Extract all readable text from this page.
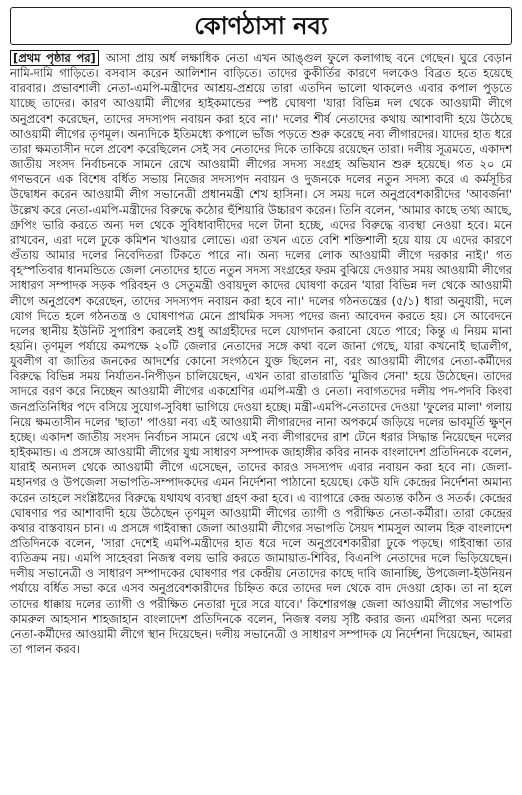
কোণঠাসা নব্য

[প্রথম পৃষ্ঠার পর] আসা প্রায় অর্ধ লক্ষাধিক নেতা এখন আঙ্গুল ফুলে কলাগাছ বনে গেছেন। ঘুরে বেড়ান নামি-দামি গাড়িতে। বসবাস করেন আলিশান বাড়িতে। তাদের কুকীর্তির কারণে দলকেও বিব্রত হতে হয়েছে বারবার। প্রভাবশালী নেতা-এমপি-মন্ত্রীদের আশ্রয়-প্রশ্রয়ে তারা এতদিন ভালো থাকলেও এবার কপাল পুড়তে যাচ্ছে তাদের। কারণ আওয়ামী লীগের হাইকমান্ডের স্পষ্ট ঘোষণা 'যারা বিভিন্ন দল থেকে আওয়ামী লীগে অনুপ্রবেশ করেছেন, তাদের সদস্যপদ নবায়ন করা হবে না।' দলের শীর্ষ নেতাদের কথায় আশাবাদী হয়ে উঠেছে আওয়ামী লীগের তৃণমূল। অন্যদিকে ইতিমধ্যে কপালে ভাঁজ পড়তে শুরু করেছে নব্য লীগারদের। যাদের হাত ধরে তারা ক্ষমতাসীন দলে প্রবেশ করেছিলেন সেই সব নেতাদের দিকে তাকিয়ে রয়েছেন তারা। দলীয় সূত্রমতে, একাদশ জাতীয় সংসদ নির্বাচনকে সামনে রেখে আওয়ামী লীগের সদস্য সংগ্রহ অভিযান শুরু হয়েছে। গত ২০ মে গণভবনে এক বিশেষ বর্ধিত সভায় নিজের সদস্যপদ নবায়ন ও দুজনকে দলের নতুন সদস্য করে এ কর্মসূচির উদ্বোধন করেন আওয়ামী লীগ সভানেত্রী প্রধানমন্ত্রী শেখ হাসিনা। সে সময় দলে অনুপ্রবেশকারীদের 'আবর্জনা' উল্লেখ করে নেতা-এমপি-মন্ত্রীদের বিরুদ্ধে কঠোর হুঁশিয়ারি উচ্চারণ করেন। তিনি বলেন, 'আমার কাছে তথ্য আছে, গ্রুপিং ভারি করতে অন্য দল থেকে সুবিধাবাদীদের দলে টানা হচ্ছে, এদের বিরুদ্ধে ব্যবস্থা নেওয়া হবে। মনে রাখবেন, এরা দলে ঢুকে কমিশন খাওয়ার লোভে। এরা তখন এতে বেশি শক্তিশালী হয়ে যায় যে এদের কারণে গুঁতায় আমার দলের নিবেদিতরা টিকতে পারে না। অন্য দলের লোক আওয়ামী লীগে দরকার নাই।' গত বৃহস্পতিবার ধানমন্ডিতে জেলা নেতাদের হাতে নতুন সদস্য সংগ্রহের ফরম বুঝিয়ে দেওয়ার সময় আওয়ামী লীগের সাধারণ সম্পাদক সড়ক পরিবহন ও সেতুমন্ত্রী ওবায়দুল কাদের ঘোষণা করেন 'যারা বিভিন্ন দল থেকে আওয়ামী লীগে অনুপ্রবেশ করেছেন, তাদের সদস্যপদ নবায়ন করা হবে না।' দলের গঠনতন্ত্রের (৫/১) ধারা অনুযায়ী, দলে যোগ দিতে হলে গঠনতন্ত্র ও ঘোষণাপত্র মেনে প্রাথমিক সদস্য পদের জন্য আবেদন করতে হয়। সে আবেদনে দলের স্থানীয় ইউনিট সুপারিশ করলেই শুধু আগ্রহীদের দলে যোগদান করানো যেতে পারে; কিন্তু এ নিয়ম মানা হয়নি। তৃণমূল পর্যায়ে কমপক্ষে ২০টি জেলার নেতাদের সঙ্গে কথা বলে জানা গেছে, যারা কখনোই ছাত্রলীগ, যুবলীগ বা জাতির জনকের আদর্শের কোনো সংগঠনে যুক্ত ছিলেন না, বরং আওয়ামী লীগের নেতা-কর্মীদের বিরুদ্ধে বিভিন্ন সময় নির্যাতন-নিপীড়ন চালিয়েছেন, এখন তারা রাতারাতি 'মুজিব সেনা' হয়ে উঠেছেন। তাদের সাদরে বরণ করে নিচ্ছেন আওয়ামী লীগের একশ্রেণির এমপি-মন্ত্রী ও নেতা। নবাগতদের দলীয় পদ-পদবি কিংবা জনপ্রতিনিধির পদে বসিয়ে সুযোগ-সুবিধা ভাগিয়ে দেওয়া হচ্ছে। মন্ত্রী-এমপি-নেতাদের দেওয়া 'ফুলের মালা' গলায় নিয়ে ক্ষমতাসীন দলের 'ছাতা' পাওয়া নব্য এই আওয়ামী লীগারদের নানা অপকর্মে জড়িয়ে দলের ভাবমূর্তি ক্ষুণ্ন হচ্ছে। একাদশ জাতীয় সংসদ নির্বাচন সামনে রেখে এই নব্য লীগারদের রাশ টেনে ধরার সিদ্ধান্ত নিয়েছেন দলের হাইকমান্ড। এ প্রসঙ্গে আওয়ামী লীগের যুগ্ম সাধারণ সম্পাদক জাহাঙ্গীর কবির নানক বাংলাদেশ প্রতিদিনকে বলেন, যারাই অন্যদল থেকে আওয়ামী লীগে এসেছেন, তাদের কারও সদস্যপদ এবার নবায়ন করা হবে না। জেলা-মহানগর ও উপজেলা সভাপতি-সম্পাদকদের এমন নির্দেশনা পাঠানো হয়েছে। কেউ যদি কেন্দ্রের নির্দেশনা অমান্য করেন তাহলে সংশ্লিষ্টদের বিরুদ্ধে যথাযথ ব্যবস্থা গ্রহণ করা হবে। এ ব্যাপারে কেন্দ্র অত্যন্ত কঠিন ও সতর্ক। কেন্দ্রের ঘোষণার পর আশাবাদী হয়ে উঠেছেন তৃণমূল আওয়ামী লীগের ত্যাগী ও পরীক্ষিত নেতা-কর্মীরা। তারা কেন্দ্রের কথার বাস্তবায়ন চান। এ প্রসঙ্গে গাইবান্ধা জেলা আওয়ামী লীগের সভাপতি সৈয়দ শামসুল আলম হিরু বাংলাদেশ প্রতিদিনকে বলেন, 'সারা দেশেই এমপি-মন্ত্রীদের হাত ধরে দলে অনুপ্রবেশকারীরা ঢুকে পড়ছে। গাইবান্ধা তার ব্যতিক্রম নয়। এমপি সাহেবরা নিজস্ব বলয় ভারি করতে জামায়াত-শিবির, বিএনপি নেতাদের দলে ভিড়িয়েছেন। দলীয় সভানেত্রী ও সাধারণ সম্পাদকের ঘোষণার পর কেন্দ্রীয় নেতাদের কাছে দাবি জানাচ্ছি, উপজেলা-ইউনিয়ন পর্যায়ে বর্ধিত সভা করে এসব অনুপ্রবেশকারীদের চিহ্নিত করে তাদের দল থেকে বাদ দেওয়া হোক। তা না হলে তাদের ধাক্কায় দলের ত্যাগী ও পরীক্ষিত নেতারা দূরে সরে যাবে।' কিশোরগঞ্জ জেলা আওয়ামী লীগের সভাপতি কামরুল আহসান শাহজাহান বাংলাদেশ প্রতিদিনকে বলেন, নিজস্ব বলয় সৃষ্টি করার জন্য এমপিরা অন্য দলের নেতা-কর্মীদের আওয়ামী লীগে স্থান দিয়েছেন। দলীয় সভানেত্রী ও সাধারণ সম্পাদক যে নির্দেশনা দিয়েছেন, আমরা তা পালন করব।
